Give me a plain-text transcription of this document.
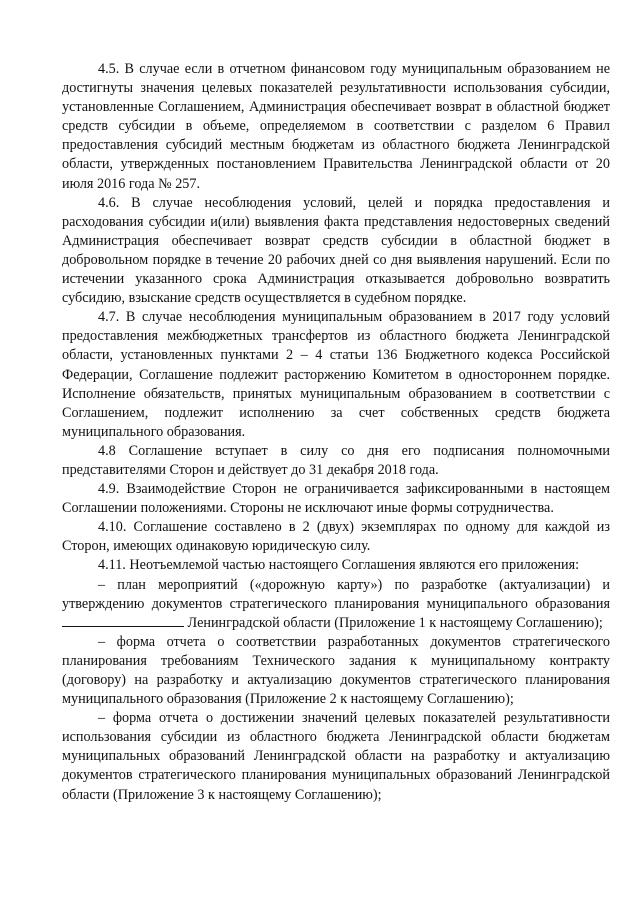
4.5. В случае если в отчетном финансовом году муниципальным образованием не достигнуты значения целевых показателей результативности использования субсидии, установленные Соглашением, Администрация обеспечивает возврат в областной бюджет средств субсидии в объеме, определяемом в соответствии с разделом 6 Правил предоставления субсидий местным бюджетам из областного бюджета Ленинградской области, утвержденных постановлением Правительства Ленинградской области от 20 июля 2016 года № 257.

4.6. В случае несоблюдения условий, целей и порядка предоставления и расходования субсидии и(или) выявления факта представления недостоверных сведений Администрация обеспечивает возврат средств субсидии в областной бюджет в добровольном порядке в течение 20 рабочих дней со дня выявления нарушений. Если по истечении указанного срока Администрация отказывается добровольно возвратить субсидию, взыскание средств осуществляется в судебном порядке.

4.7. В случае несоблюдения муниципальным образованием в 2017 году условий предоставления межбюджетных трансфертов из областного бюджета Ленинградской области, установленных пунктами 2 – 4 статьи 136 Бюджетного кодекса Российской Федерации, Соглашение подлежит расторжению Комитетом в одностороннем порядке. Исполнение обязательств, принятых муниципальным образованием в соответствии с Соглашением, подлежит исполнению за счет собственных средств бюджета муниципального образования.

4.8 Соглашение вступает в силу со дня его подписания полномочными представителями Сторон и действует до 31 декабря 2018 года.

4.9. Взаимодействие Сторон не ограничивается зафиксированными в настоящем Соглашении положениями. Стороны не исключают иные формы сотрудничества.

4.10. Соглашение составлено в 2 (двух) экземплярах по одному для каждой из Сторон, имеющих одинаковую юридическую силу.

4.11. Неотъемлемой частью настоящего Соглашения являются его приложения:

– план мероприятий («дорожную карту») по разработке (актуализации) и утверждению документов стратегического планирования муниципального образования  Ленинградской области (Приложение 1 к настоящему Соглашению);

– форма отчета о соответствии разработанных документов стратегического планирования требованиям Технического задания к муниципальному контракту (договору) на разработку и актуализацию документов стратегического планирования муниципального образования (Приложение 2 к настоящему Соглашению);

– форма отчета о достижении значений целевых показателей результативности использования субсидии из областного бюджета Ленинградской области бюджетам муниципальных образований Ленинградской области на разработку и актуализацию документов стратегического планирования муниципальных образований Ленинградской области (Приложение 3 к настоящему Соглашению);
